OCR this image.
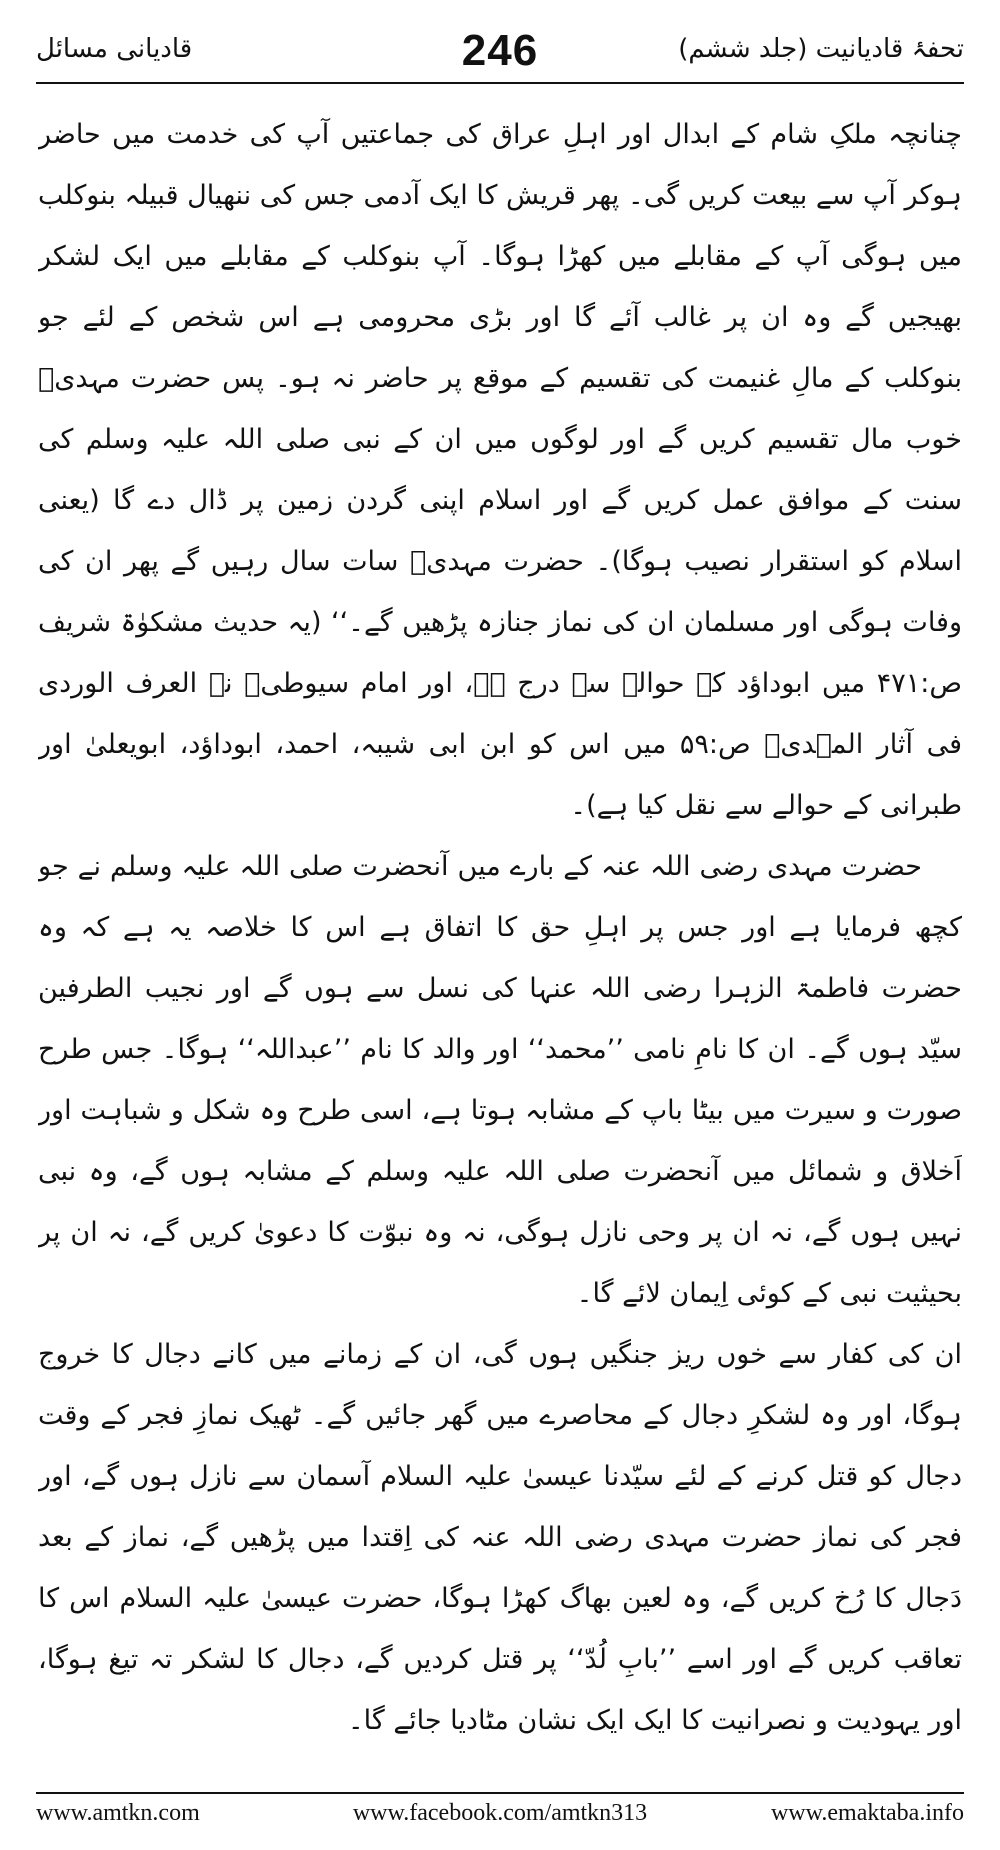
تحفۂ قادیانیت (جلد ششم)
246
قادیانی مسائل

چنانچہ ملکِ شام کے ابدال اور اہلِ عراق کی جماعتیں آپ کی خدمت میں حاضر ہوکر آپ سے بیعت کریں گی۔ پھر قریش کا ایک آدمی جس کی ننھیال قبیلہ بنوکلب میں ہوگی آپ کے مقابلے میں کھڑا ہوگا۔ آپ بنوکلب کے مقابلے میں ایک لشکر بھیجیں گے وہ ان پر غالب آئے گا اور بڑی محرومی ہے اس شخص کے لئے جو بنوکلب کے مالِ غنیمت کی تقسیم کے موقع پر حاضر نہ ہو۔ پس حضرت مہدیؓ خوب مال تقسیم کریں گے اور لوگوں میں ان کے نبی صلی اللہ علیہ وسلم کی سنت کے موافق عمل کریں گے اور اسلام اپنی گردن زمین پر ڈال دے گا (یعنی اسلام کو استقرار نصیب ہوگا)۔ حضرت مہدیؓ سات سال رہیں گے پھر ان کی وفات ہوگی اور مسلمان ان کی نماز جنازہ پڑھیں گے۔‘‘ (یہ حدیث مشکوٰۃ شریف ص:۴۷۱ میں ابوداؤد کے حوالے سے درج ہے، اور امام سیوطیؒ نے العرف الوردی فی آثار المہدیؒ ص:۵۹ میں اس کو ابن ابی شیبہ، احمد، ابوداؤد، ابویعلیٰ اور طبرانی کے حوالے سے نقل کیا ہے)۔

حضرت مہدی رضی اللہ عنہ کے بارے میں آنحضرت صلی اللہ علیہ وسلم نے جو کچھ فرمایا ہے اور جس پر اہلِ حق کا اتفاق ہے اس کا خلاصہ یہ ہے کہ وہ حضرت فاطمۃ الزہرا رضی اللہ عنہا کی نسل سے ہوں گے اور نجیب الطرفین سیّد ہوں گے۔ ان کا نامِ نامی ’’محمد‘‘ اور والد کا نام ’’عبداللہ‘‘ ہوگا۔ جس طرح صورت و سیرت میں بیٹا باپ کے مشابہ ہوتا ہے، اسی طرح وہ شکل و شباہت اور اَخلاق و شمائل میں آنحضرت صلی اللہ علیہ وسلم کے مشابہ ہوں گے، وہ نبی نہیں ہوں گے، نہ ان پر وحی نازل ہوگی، نہ وہ نبوّت کا دعویٰ کریں گے، نہ ان پر بحیثیت نبی کے کوئی اِیمان لائے گا۔

ان کی کفار سے خوں ریز جنگیں ہوں گی، ان کے زمانے میں کانے دجال کا خروج ہوگا، اور وہ لشکرِ دجال کے محاصرے میں گھر جائیں گے۔ ٹھیک نمازِ فجر کے وقت دجال کو قتل کرنے کے لئے سیّدنا عیسیٰ علیہ السلام آسمان سے نازل ہوں گے، اور فجر کی نماز حضرت مہدی رضی اللہ عنہ کی اِقتدا میں پڑھیں گے، نماز کے بعد دَجال کا رُخ کریں گے، وہ لعین بھاگ کھڑا ہوگا، حضرت عیسیٰ علیہ السلام اس کا تعاقب کریں گے اور اسے ’’بابِ لُدّ‘‘ پر قتل کردیں گے، دجال کا لشکر تہ تیغ ہوگا، اور یہودیت و نصرانیت کا ایک ایک نشان مٹادیا جائے گا۔

www.amtkn.com	www.facebook.com/amtkn313	www.emaktaba.info
